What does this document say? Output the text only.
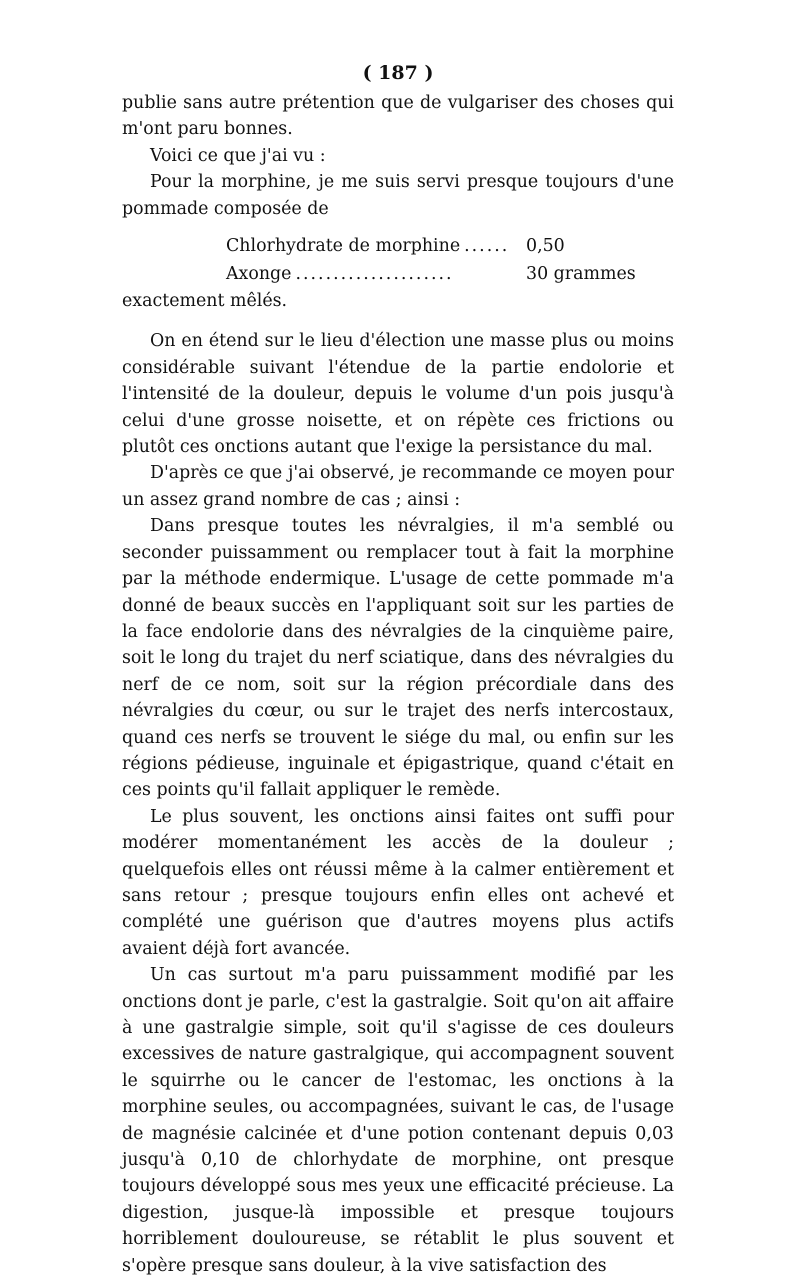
( 187 )

publie sans autre prétention que de vulgariser des choses qui m'ont paru bonnes.

Voici ce que j'ai vu :

Pour la morphine, je me suis servi presque toujours d'une pommade composée de

Chlorhydrate de morphine ...... 0,50
Axonge .....................	30 grammes

exactement mêlés.

On en étend sur le lieu d'élection une masse plus ou moins considérable suivant l'étendue de la partie endolorie et l'intensité de la douleur, depuis le volume d'un pois jusqu'à celui d'une grosse noisette, et on répète ces frictions ou plutôt ces onctions autant que l'exige la persistance du mal.

D'après ce que j'ai observé, je recommande ce moyen pour un assez grand nombre de cas ; ainsi :

Dans presque toutes les névralgies, il m'a semblé ou seconder puissamment ou remplacer tout à fait la morphine par la méthode endermique. L'usage de cette pommade m'a donné de beaux succès en l'appliquant soit sur les parties de la face endolorie dans des névralgies de la cinquième paire, soit le long du trajet du nerf sciatique, dans des névralgies du nerf de ce nom, soit sur la région précordiale dans des névralgies du cœur, ou sur le trajet des nerfs intercostaux, quand ces nerfs se trouvent le siége du mal, ou enfin sur les régions pédieuse, inguinale et épigastrique, quand c'était en ces points qu'il fallait appliquer le remède.

Le plus souvent, les onctions ainsi faites ont suffi pour modérer momentanément les accès de la douleur ; quelquefois elles ont réussi même à la calmer entièrement et sans retour ; presque toujours enfin elles ont achevé et complété une guérison que d'autres moyens plus actifs avaient déjà fort avancée.

Un cas surtout m'a paru puissamment modifié par les onctions dont je parle, c'est la gastralgie. Soit qu'on ait affaire à une gastralgie simple, soit qu'il s'agisse de ces douleurs excessives de nature gastralgique, qui accompagnent souvent le squirrhe ou le cancer de l'estomac, les onctions à la morphine seules, ou accompagnées, suivant le cas, de l'usage de magnésie calcinée et d'une potion contenant depuis 0,03 jusqu'à 0,10 de chlorhydate de morphine, ont presque toujours développé sous mes yeux une efficacité précieuse. La digestion, jusque-là impossible et presque toujours horriblement douloureuse, se rétablit le plus souvent et s'opère presque sans douleur, à la vive satisfaction des
